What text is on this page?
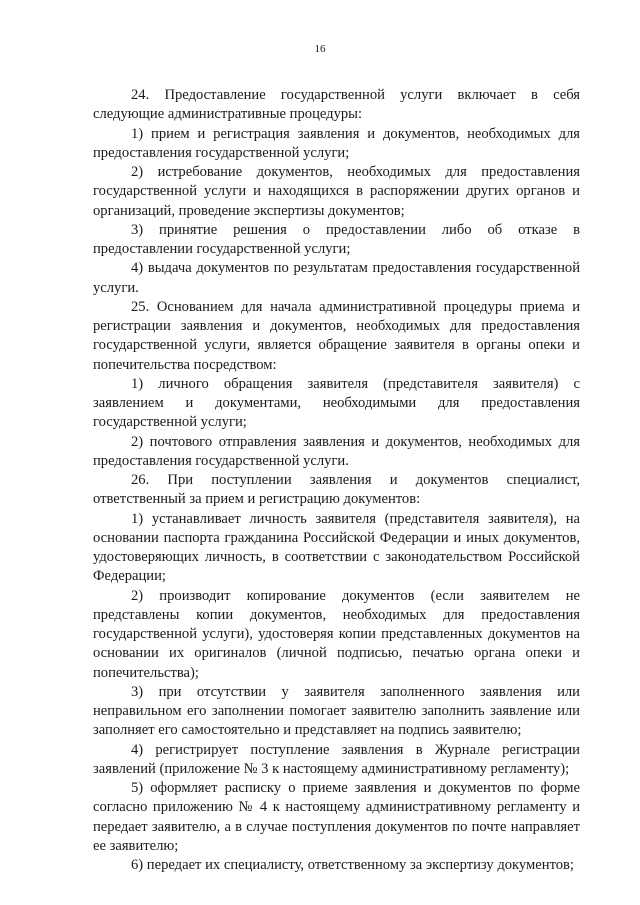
16

24. Предоставление государственной услуги включает в себя следующие административные процедуры:

1) прием и регистрация заявления и документов, необходимых для предоставления государственной услуги;

2) истребование документов, необходимых для предоставления государственной услуги и находящихся в распоряжении других органов и организаций, проведение экспертизы документов;

3) принятие решения о предоставлении либо об отказе в предоставлении государственной услуги;

4) выдача документов по результатам предоставления государственной услуги.

25. Основанием для начала административной процедуры приема и регистрации заявления и документов, необходимых для предоставления государственной услуги, является обращение заявителя в органы опеки и попечительства посредством:

1) личного обращения заявителя (представителя заявителя) с заявлением и документами, необходимыми для предоставления государственной услуги;

2) почтового отправления заявления и документов, необходимых для предоставления государственной услуги.

26. При поступлении заявления и документов специалист, ответственный за прием и регистрацию документов:

1) устанавливает личность заявителя (представителя заявителя), на основании паспорта гражданина Российской Федерации и иных документов, удостоверяющих личность, в соответствии с законодательством Российской Федерации;

2) производит копирование документов (если заявителем не представлены копии документов, необходимых для предоставления государственной услуги), удостоверяя копии представленных документов на основании их оригиналов (личной подписью, печатью органа опеки и попечительства);

3) при отсутствии у заявителя заполненного заявления или неправильном его заполнении помогает заявителю заполнить заявление или заполняет его самостоятельно и представляет на подпись заявителю;

4) регистрирует поступление заявления в Журнале регистрации заявлений (приложение № 3 к настоящему административному регламенту);

5) оформляет расписку о приеме заявления и документов по форме согласно приложению № 4 к настоящему административному регламенту и передает заявителю, а в случае поступления документов по почте направляет ее заявителю;

6) передает их специалисту, ответственному за экспертизу документов;
